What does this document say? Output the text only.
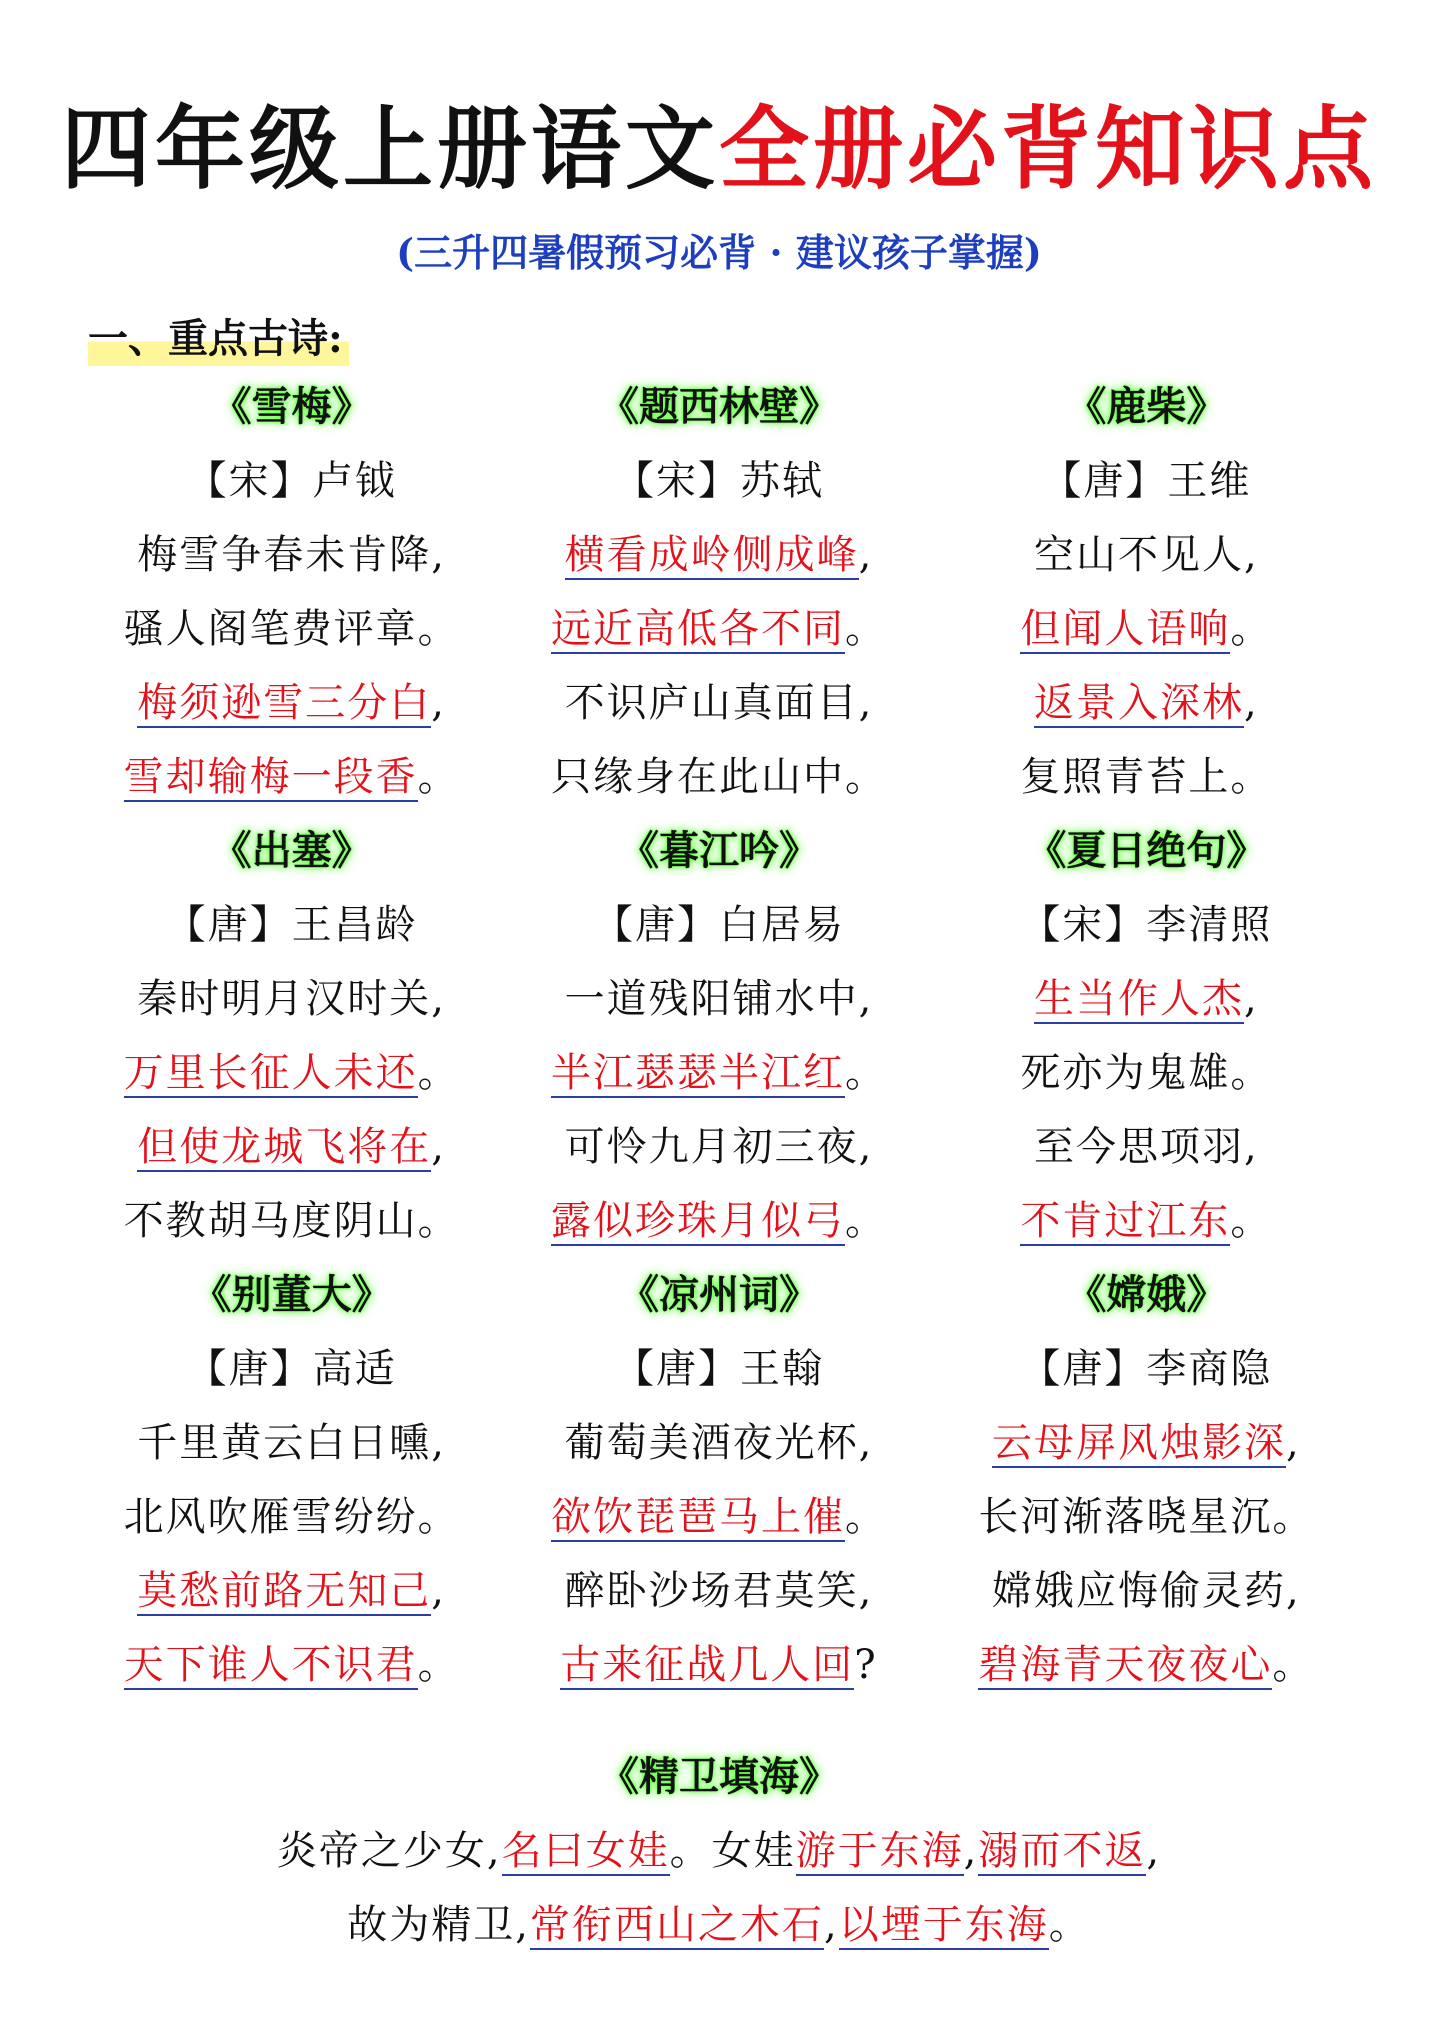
四年级上册语文全册必背知识点
(三升四暑假预习必背 · 建议孩子掌握)
一、重点古诗:
《雪梅》
【宋】卢钺
梅雪争春未肯降,
骚人阁笔费评章。
梅须逊雪三分白,
雪却输梅一段香。
《题西林壁》
【宋】苏轼
横看成岭侧成峰,
远近高低各不同。
不识庐山真面目,
只缘身在此山中。
《鹿柴》
【唐】王维
空山不见人,
但闻人语响。
返景入深林,
复照青苔上。
《出塞》
【唐】王昌龄
秦时明月汉时关,
万里长征人未还。
但使龙城飞将在,
不教胡马度阴山。
《暮江吟》
【唐】白居易
一道残阳铺水中,
半江瑟瑟半江红。
可怜九月初三夜,
露似珍珠月似弓。
《夏日绝句》
【宋】李清照
生当作人杰,
死亦为鬼雄。
至今思项羽,
不肯过江东。
《别董大》
【唐】高适
千里黄云白日曛,
北风吹雁雪纷纷。
莫愁前路无知己,
天下谁人不识君。
《凉州词》
【唐】王翰
葡萄美酒夜光杯,
欲饮琵琶马上催。
醉卧沙场君莫笑,
古来征战几人回?
《嫦娥》
【唐】李商隐
云母屏风烛影深,
长河渐落晓星沉。
嫦娥应悔偷灵药,
碧海青天夜夜心。
《精卫填海》
炎帝之少女,名曰女娃。女娃游于东海,溺而不返,
故为精卫,常衔西山之木石,以堙于东海。
